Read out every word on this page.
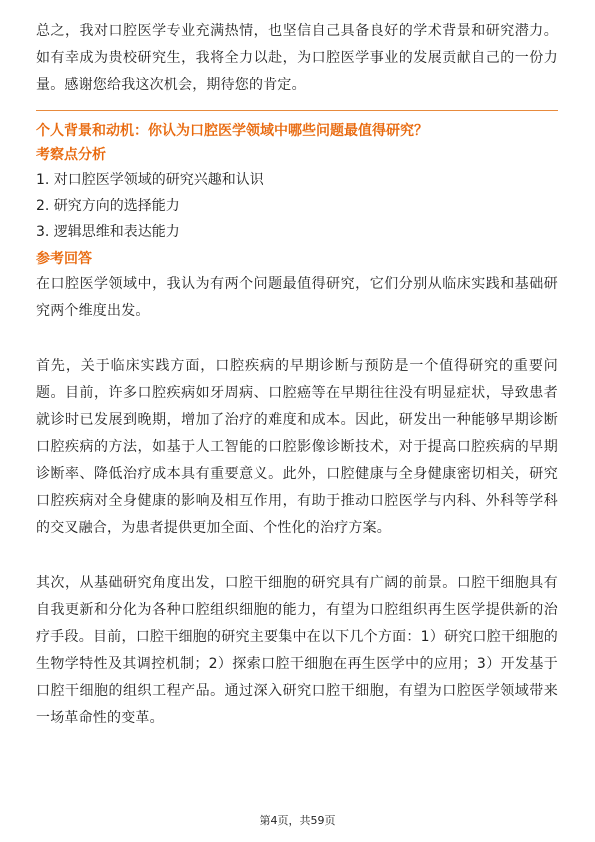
总之，我对口腔医学专业充满热情，也坚信自己具备良好的学术背景和研究潜力。如有幸成为贵校研究生，我将全力以赴，为口腔医学事业的发展贡献自己的一份力量。感谢您给我这次机会，期待您的肯定。

个人背景和动机：你认为口腔医学领域中哪些问题最值得研究？

考察点分析

1. 对口腔医学领域的研究兴趣和认识
2. 研究方向的选择能力
3. 逻辑思维和表达能力

参考回答

在口腔医学领域中，我认为有两个问题最值得研究，它们分别从临床实践和基础研究两个维度出发。

首先，关于临床实践方面，口腔疾病的早期诊断与预防是一个值得研究的重要问题。目前，许多口腔疾病如牙周病、口腔癌等在早期往往没有明显症状，导致患者就诊时已发展到晚期，增加了治疗的难度和成本。因此，研发出一种能够早期诊断口腔疾病的方法，如基于人工智能的口腔影像诊断技术，对于提高口腔疾病的早期诊断率、降低治疗成本具有重要意义。此外，口腔健康与全身健康密切相关，研究口腔疾病对全身健康的影响及相互作用，有助于推动口腔医学与内科、外科等学科的交叉融合，为患者提供更加全面、个性化的治疗方案。

其次，从基础研究角度出发，口腔干细胞的研究具有广阔的前景。口腔干细胞具有自我更新和分化为各种口腔组织细胞的能力，有望为口腔组织再生医学提供新的治疗手段。目前，口腔干细胞的研究主要集中在以下几个方面：1）研究口腔干细胞的生物学特性及其调控机制；2）探索口腔干细胞在再生医学中的应用；3）开发基于口腔干细胞的组织工程产品。通过深入研究口腔干细胞，有望为口腔医学领域带来一场革命性的变革。

第4页，共59页
